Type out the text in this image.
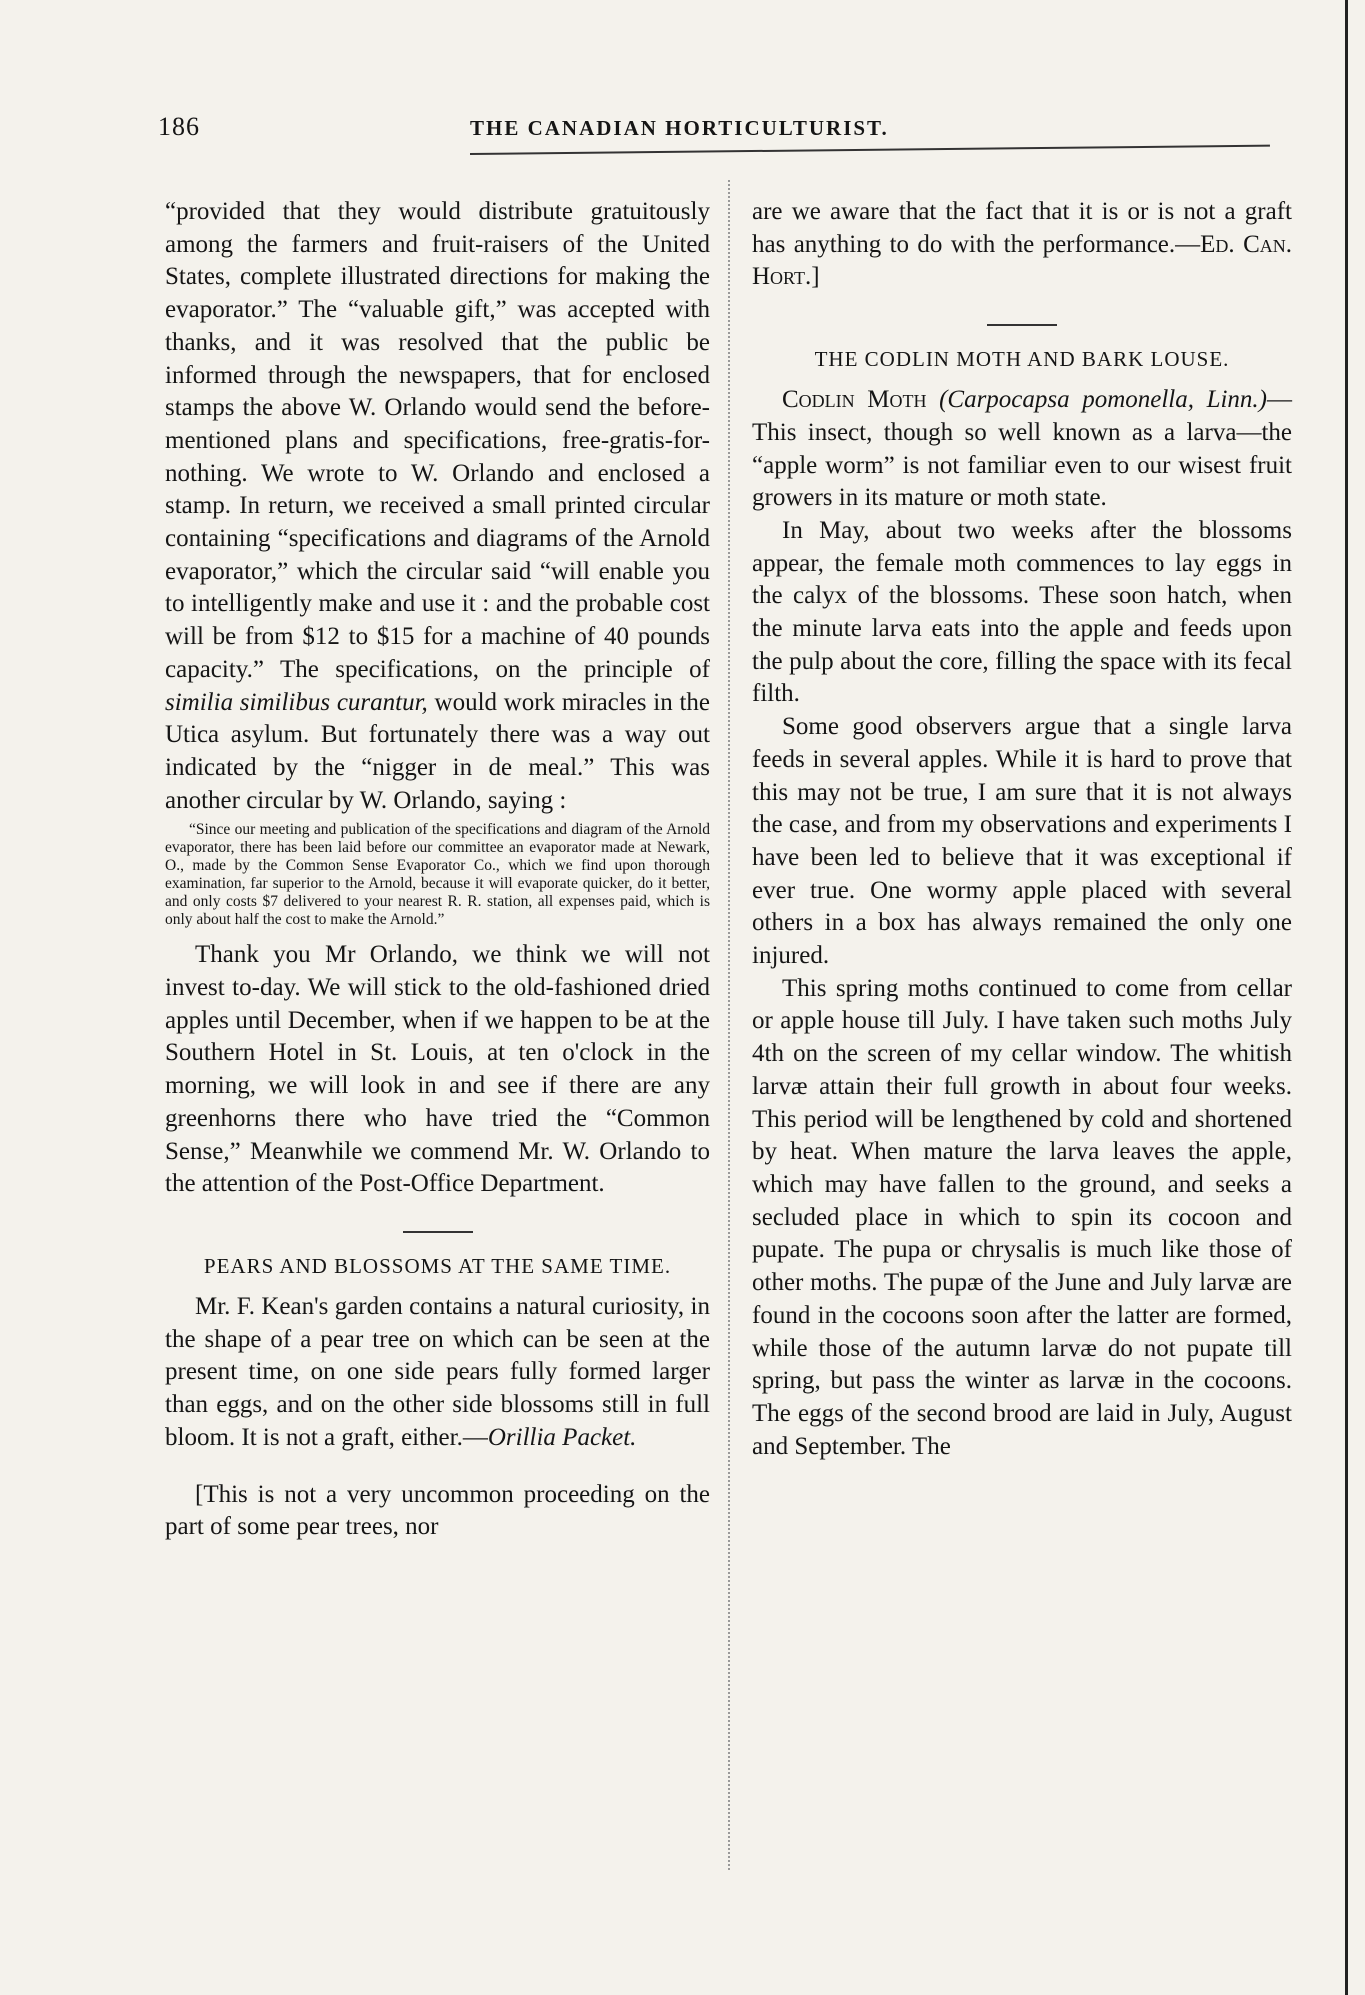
186	THE CANADIAN HORTICULTURIST.

“provided that they would distribute gratuitously among the farmers and fruit-raisers of the United States, complete illustrated directions for making the evaporator.” The “valuable gift,” was accepted with thanks, and it was resolved that the public be informed through the newspapers, that for enclosed stamps the above W. Orlando would send the before-mentioned plans and specifications, free-gratis-for-nothing. We wrote to W. Orlando and enclosed a stamp. In return, we received a small printed circular containing “specifications and diagrams of the Arnold evaporator,” which the circular said “will enable you to intelligently make and use it : and the probable cost will be from $12 to $15 for a machine of 40 pounds capacity.” The specifications, on the principle of similia similibus curantur, would work miracles in the Utica asylum. But fortunately there was a way out indicated by the “nigger in de meal.” This was another circular by W. Orlando, saying :

“Since our meeting and publication of the specifications and diagram of the Arnold evaporator, there has been laid before our committee an evaporator made at Newark, O., made by the Common Sense Evaporator Co., which we find upon thorough examination, far superior to the Arnold, because it will evaporate quicker, do it better, and only costs $7 delivered to your nearest R. R. station, all expenses paid, which is only about half the cost to make the Arnold.”

Thank you Mr Orlando, we think we will not invest to-day. We will stick to the old-fashioned dried apples until December, when if we happen to be at the Southern Hotel in St. Louis, at ten o'clock in the morning, we will look in and see if there are any greenhorns there who have tried the “Common Sense,” Meanwhile we commend Mr. W. Orlando to the attention of the Post-Office Department.

PEARS AND BLOSSOMS AT THE SAME TIME.

Mr. F. Kean's garden contains a natural curiosity, in the shape of a pear tree on which can be seen at the present time, on one side pears fully formed larger than eggs, and on the other side blossoms still in full bloom. It is not a graft, either.—Orillia Packet.

[This is not a very uncommon proceeding on the part of some pear trees, nor

are we aware that the fact that it is or is not a graft has anything to do with the performance.—Ed. Can. Hort.]

THE CODLIN MOTH AND BARK LOUSE.

Codlin Moth (Carpocapsa pomonella, Linn.)—This insect, though so well known as a larva—the “apple worm” is not familiar even to our wisest fruit growers in its mature or moth state.

In May, about two weeks after the blossoms appear, the female moth commences to lay eggs in the calyx of the blossoms. These soon hatch, when the minute larva eats into the apple and feeds upon the pulp about the core, filling the space with its fecal filth.

Some good observers argue that a single larva feeds in several apples. While it is hard to prove that this may not be true, I am sure that it is not always the case, and from my observations and experiments I have been led to believe that it was exceptional if ever true. One wormy apple placed with several others in a box has always remained the only one injured.

This spring moths continued to come from cellar or apple house till July. I have taken such moths July 4th on the screen of my cellar window. The whitish larvæ attain their full growth in about four weeks. This period will be lengthened by cold and shortened by heat. When mature the larva leaves the apple, which may have fallen to the ground, and seeks a secluded place in which to spin its cocoon and pupate. The pupa or chrysalis is much like those of other moths. The pupæ of the June and July larvæ are found in the cocoons soon after the latter are formed, while those of the autumn larvæ do not pupate till spring, but pass the winter as larvæ in the cocoons. The eggs of the second brood are laid in July, August and September. The
